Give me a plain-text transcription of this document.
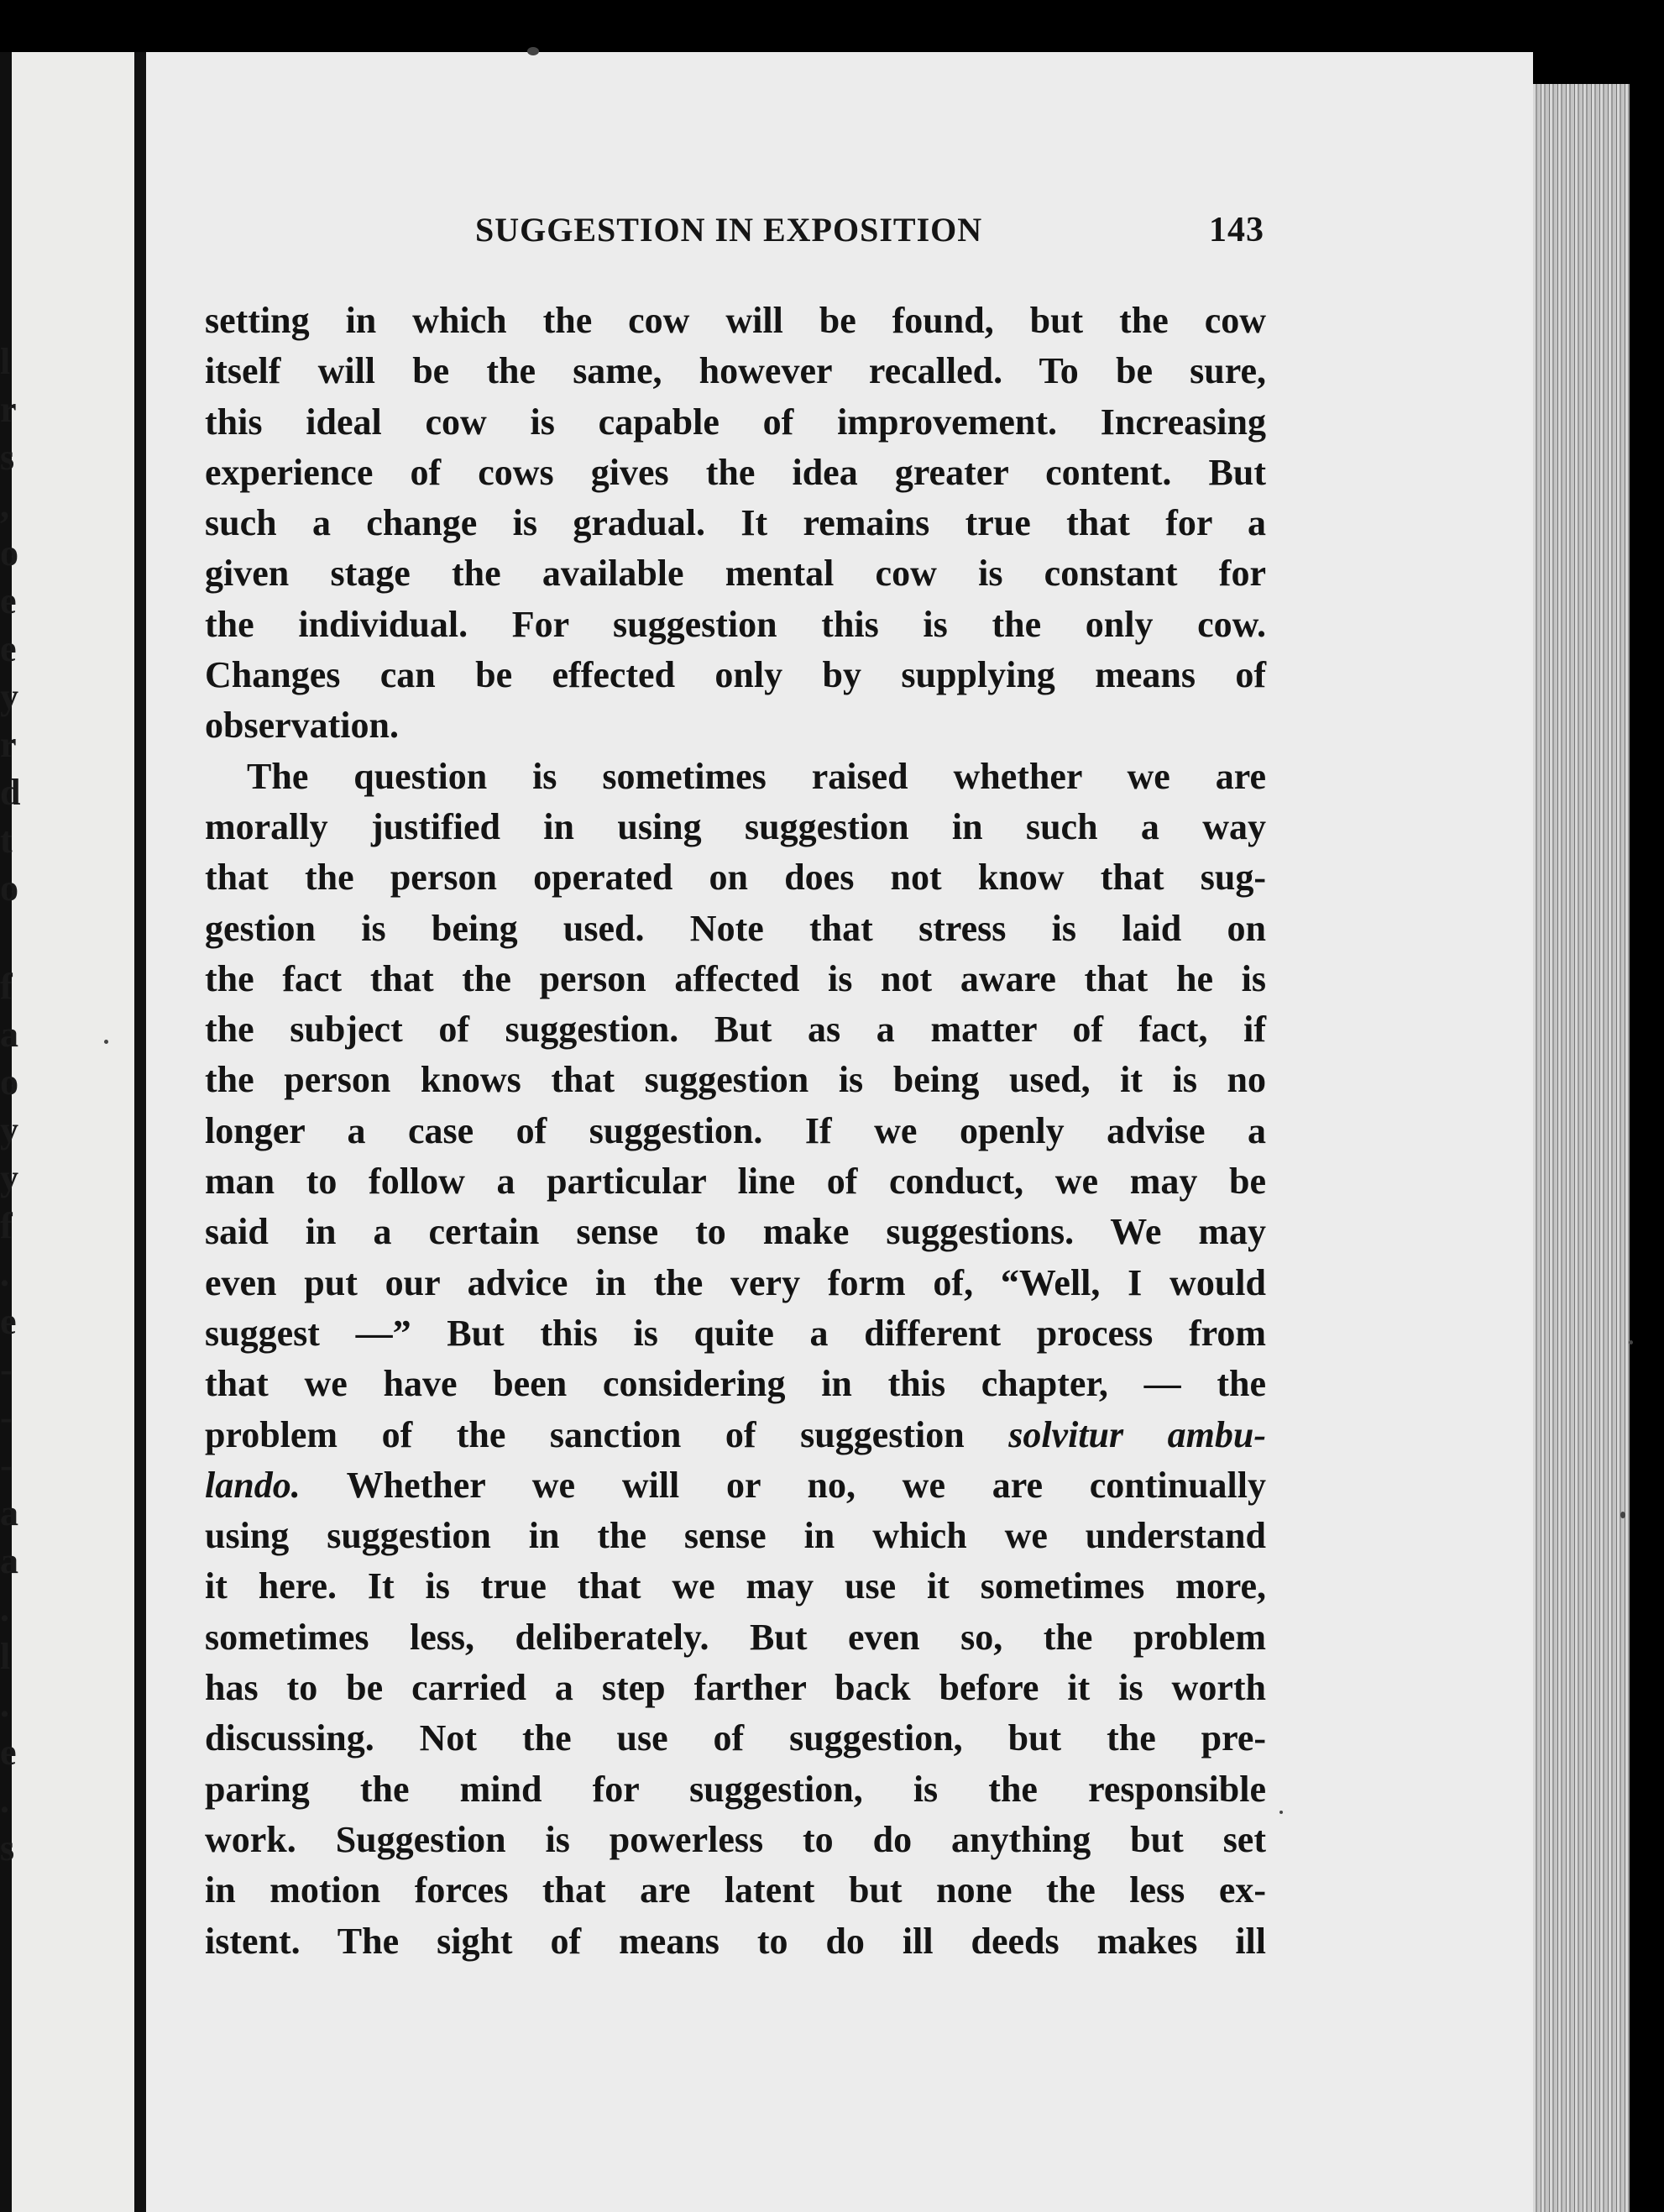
l
r
s
,
o
e
e
y
r
d
t
o
f
a
o
y
y
f
.
e
-
-
-
a
a
.
l
.
e
.
s
SUGGESTION IN EXPOSITION	143
setting in which the cow will be found, but the cow
itself will be the same, however recalled. To be sure,
this ideal cow is capable of improvement. Increasing
experience of cows gives the idea greater content. But
such a change is gradual. It remains true that for a
given stage the available mental cow is constant for
the individual. For suggestion this is the only cow.
Changes can be effected only by supplying means of
observation.
The question is sometimes raised whether we are
morally justified in using suggestion in such a way
that the person operated on does not know that sug-
gestion is being used. Note that stress is laid on
the fact that the person affected is not aware that he is
the subject of suggestion. But as a matter of fact, if
the person knows that suggestion is being used, it is no
longer a case of suggestion. If we openly advise a
man to follow a particular line of conduct, we may be
said in a certain sense to make suggestions. We may
even put our advice in the very form of, “Well, I would
suggest —” But this is quite a different process from
that we have been considering in this chapter, — the
problem of the sanction of suggestion solvitur ambu-
lando. Whether we will or no, we are continually
using suggestion in the sense in which we understand
it here. It is true that we may use it sometimes more,
sometimes less, deliberately. But even so, the problem
has to be carried a step farther back before it is worth
discussing. Not the use of suggestion, but the pre-
paring the mind for suggestion, is the responsible
work. Suggestion is powerless to do anything but set
in motion forces that are latent but none the less ex-
istent. The sight of means to do ill deeds makes ill
